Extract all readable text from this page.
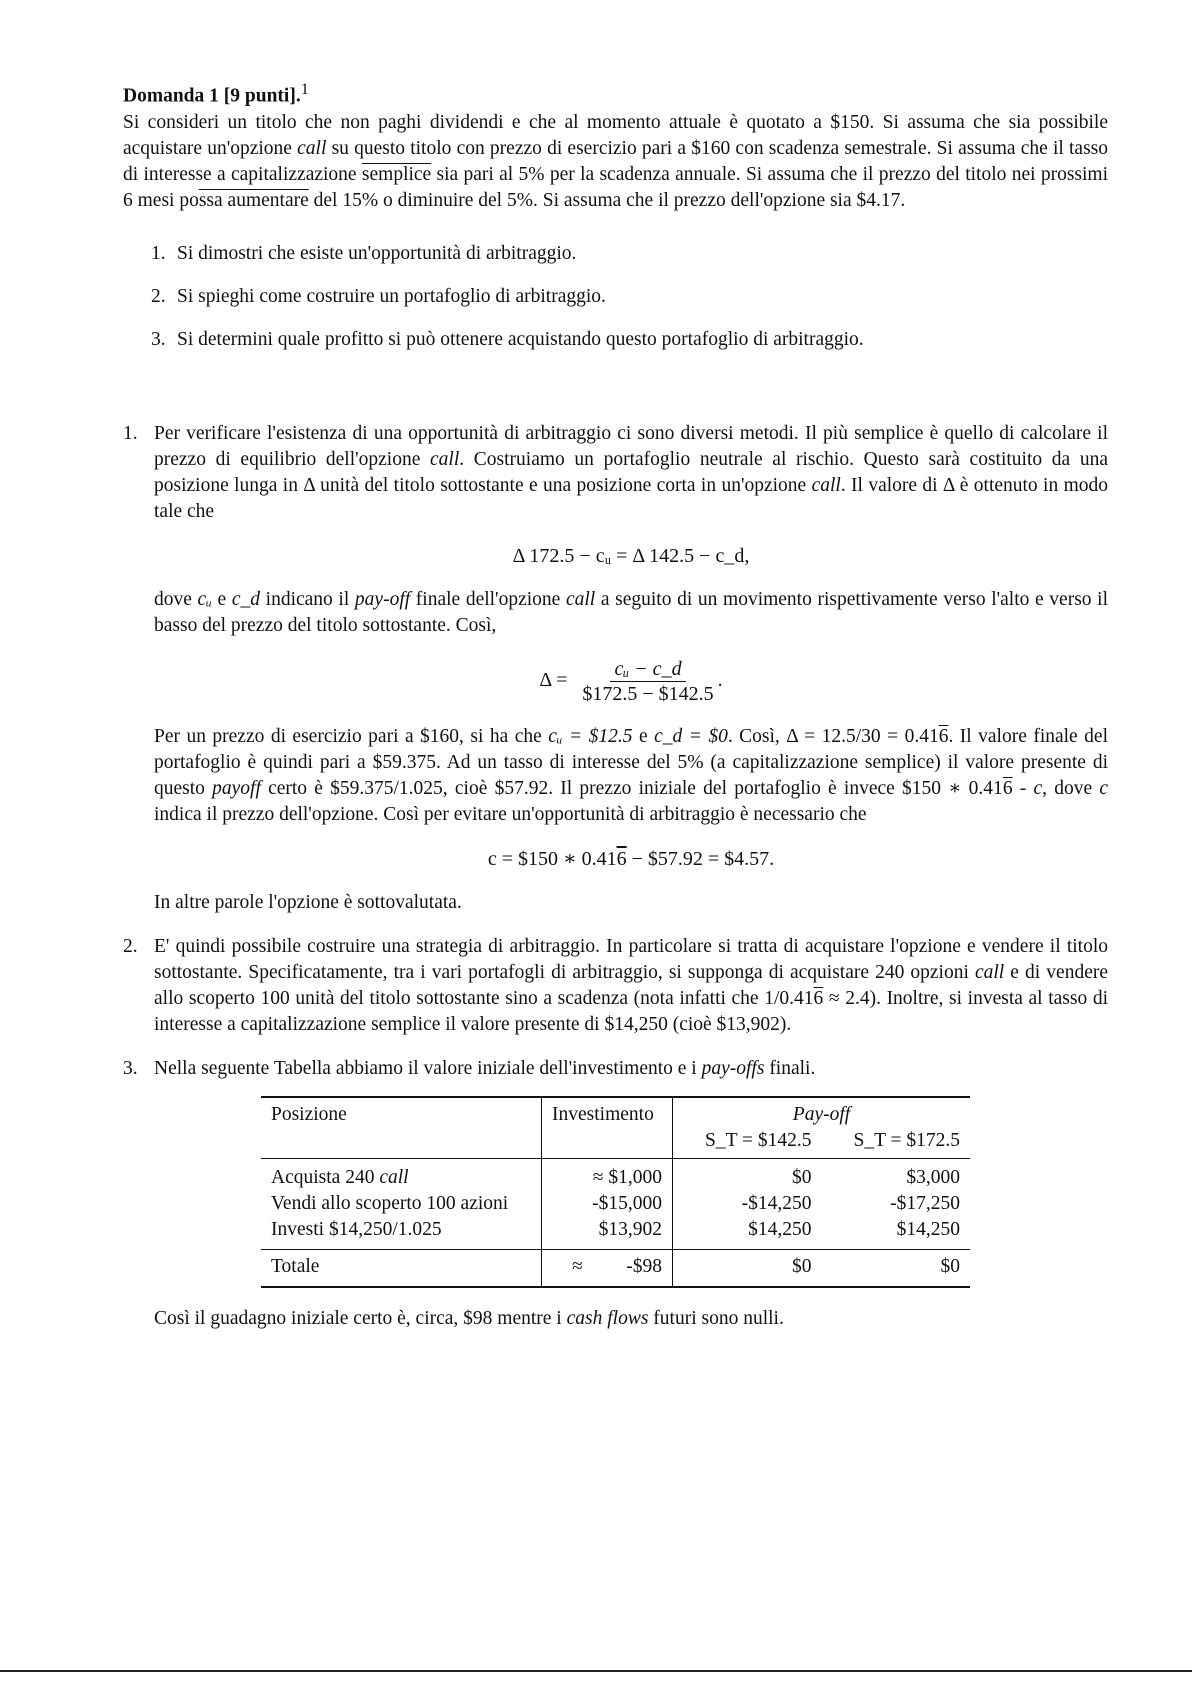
Domanda 1 [9 punti].$^1$

Si consideri un titolo che non paghi dividendi e che al momento attuale è quotato a $150. Si assuma che sia possibile acquistare un'opzione call su questo titolo con prezzo di esercizio pari a $160 con scadenza semestrale. Si assuma che il tasso di interesse a capitalizzazione semplice sia pari al 5% per la scadenza annuale. Si assuma che il prezzo del titolo nei prossimi 6 mesi possa aumentare del 15% o diminuire del 5%. Si assuma che il prezzo dell'opzione sia $4.17.

1. Si dimostri che esiste un'opportunità di arbitraggio.
2. Si spieghi come costruire un portafoglio di arbitraggio.
3. Si determini quale profitto si può ottenere acquistando questo portafoglio di arbitraggio.
1. Per verificare l'esistenza di una opportunità di arbitraggio ci sono diversi metodi. Il più semplice è quello di calcolare il prezzo di equilibrio dell'opzione call. Costruiamo un portafoglio neutrale al rischio. Questo sarà costituito da una posizione lunga in Δ unità del titolo sottostante e una posizione corta in un'opzione call. Il valore di Δ è ottenuto in modo tale che

Δ 172.5 − cᵤ = Δ 142.5 − c_d,

dove cᵤ e c_d indicano il pay-off finale dell'opzione call a seguito di un movimento rispettivamente verso l'alto e verso il basso del prezzo del titolo sottostante. Così,

$\Delta = \frac{\text{cᵤ − c\_d}}{\$172.5 - \$142.5}$ .

Per un prezzo di esercizio pari a $160, si ha che cᵤ = $12.5 e c_d = $0. Così, Δ = 12.5/30 = 0.416. Il valore finale del portafoglio è quindi pari a $59.375. Ad un tasso di interesse del 5% (a capitalizzazione semplice) il valore presente di questo payoff certo è $59.375/1.025, cioè $57.92. Il prezzo iniziale del portafoglio è invece $150 ∗ 0.416 - c, dove c indica il prezzo dell'opzione. Così per evitare un'opportunità di arbitraggio è necessario che

c = $150 ∗ 0.416 − $57.92 = $4.57.

In altre parole l'opzione è sottovalutata.

2. E' quindi possibile costruire una strategia di arbitraggio. In particolare si tratta di acquistare l'opzione e vendere il titolo sottostante. Specificatamente, tra i vari portafogli di arbitraggio, si supponga di acquistare 240 opzioni call e di vendere allo scoperto 100 unità del titolo sottostante sino a scadenza (nota infatti che 1/0.416 ≈ 2.4). Inoltre, si investa al tasso di interesse a capitalizzazione semplice il valore presente di $14,250 (cioè $13,902).

3. Nella seguente Tabella abbiamo il valore iniziale dell'investimento e i pay-offs finali.

Posizione	Investimento	Pay-off	
		S_T = $142.5	S_T = $172.5
Acquista 240 call	≈ $1,000	$0	$3,000
Vendi allo scoperto 100 azioni	-$15,000	-$14,250	-$17,250
Investi $14,250/1.025	$13,902	$14,250	$14,250
Totale	≈ -$98	$0	$0

Così il guadagno iniziale certo è, circa, $98 mentre i cash flows futuri sono nulli.
